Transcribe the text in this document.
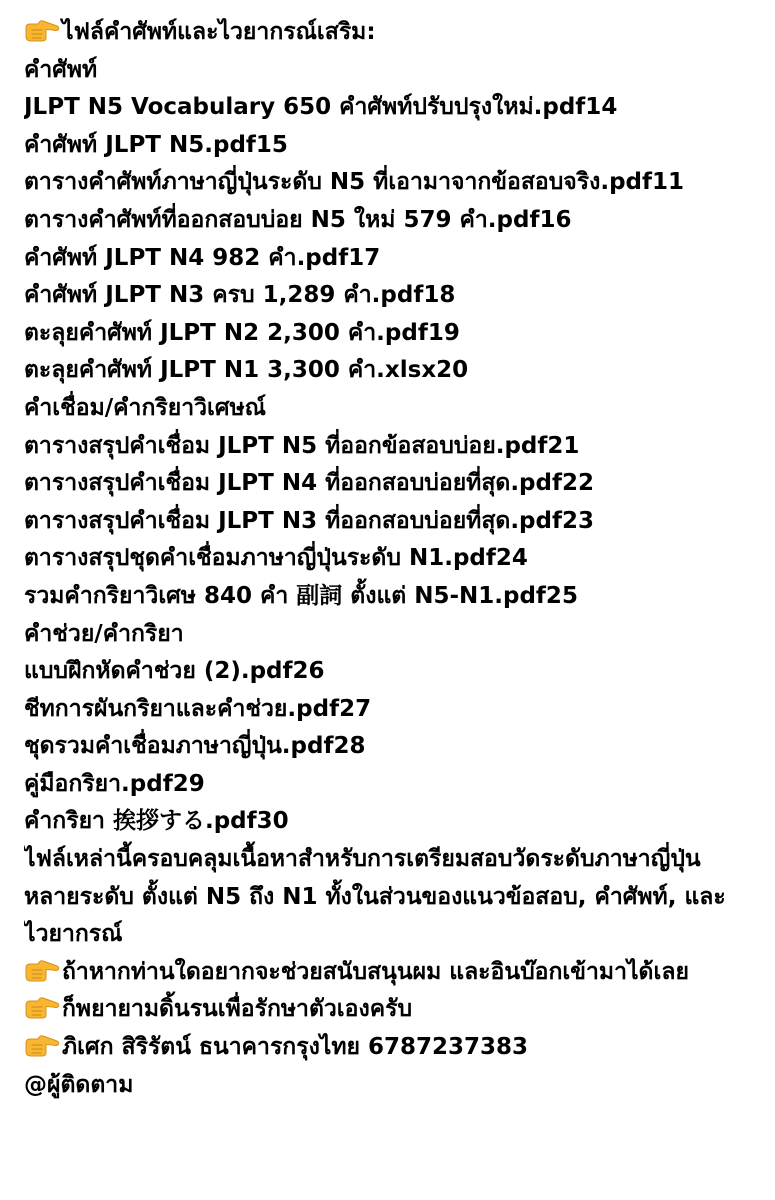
ไฟล์คำศัพท์และไวยากรณ์เสริม:
คำศัพท์
JLPT N5 Vocabulary 650 คำศัพท์ปรับปรุงใหม่.pdf14
คำศัพท์ JLPT N5.pdf15
ตารางคำศัพท์ภาษาญี่ปุ่นระดับ N5 ที่เอามาจากข้อสอบจริง.pdf11
ตารางคำศัพท์ที่ออกสอบบ่อย N5 ใหม่ 579 คำ.pdf16
คำศัพท์ JLPT N4 982 คำ.pdf17
คำศัพท์ JLPT N3 ครบ 1,289 คำ.pdf18
ตะลุยคำศัพท์ JLPT N2 2,300 คำ.pdf19
ตะลุยคำศัพท์ JLPT N1 3,300 คำ.xlsx20
คำเชื่อม/คำกริยาวิเศษณ์
ตารางสรุปคำเชื่อม JLPT N5 ที่ออกข้อสอบบ่อย.pdf21
ตารางสรุปคำเชื่อม JLPT N4 ที่ออกสอบบ่อยที่สุด.pdf22
ตารางสรุปคำเชื่อม JLPT N3 ที่ออกสอบบ่อยที่สุด.pdf23
ตารางสรุปชุดคำเชื่อมภาษาญี่ปุ่นระดับ N1.pdf24
รวมคำกริยาวิเศษ 840 คำ 副詞 ตั้งแต่ N5-N1.pdf25
คำช่วย/คำกริยา
แบบฝึกหัดคำช่วย (2).pdf26
ชีทการผันกริยาและคำช่วย.pdf27
ชุดรวมคำเชื่อมภาษาญี่ปุ่น.pdf28
คู่มือกริยา.pdf29
คำกริยา 挨拶する.pdf30
ไฟล์เหล่านี้ครอบคลุมเนื้อหาสำหรับการเตรียมสอบวัดระดับภาษาญี่ปุ่นหลายระดับ ตั้งแต่ N5 ถึง N1 ทั้งในส่วนของแนวข้อสอบ, คำศัพท์, และไวยากรณ์
ถ้าหากท่านใดอยากจะช่วยสนับสนุนผม และอินบ๊อกเข้ามาได้เลย
ก็พยายามดิ้นรนเพื่อรักษาตัวเองครับ
ภิเศก สิริรัตน์ ธนาคารกรุงไทย 6787237383
@ผู้ติดตาม
